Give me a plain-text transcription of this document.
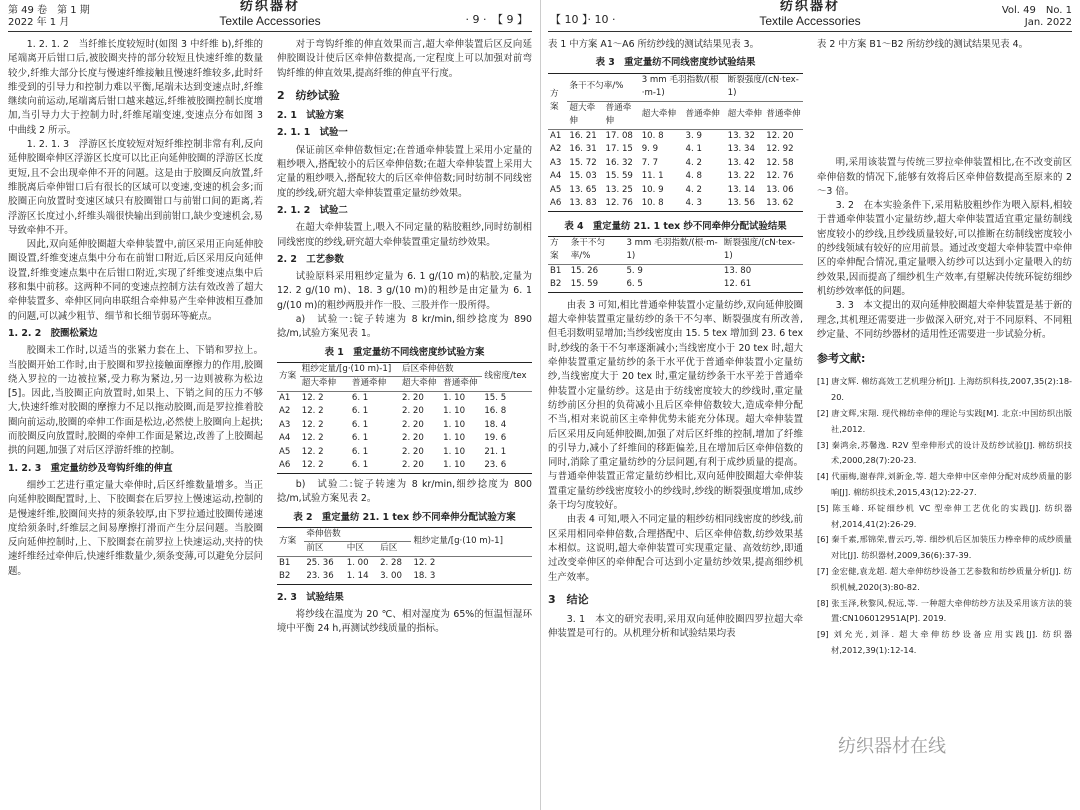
第 49 卷　第 1 期
2022 年 1 月
纺织器材
Textile Accessories	· 9 ·　【 9 】

1. 2. 1. 2　当纤维长度较短时(如图 3 中纤维 b),纤维的尾端离开后钳口后,被胶圈夹持的部分较短且快速纤维的数量较少,纤维大部分长度与慢速纤维接触且慢速纤维较多,此时纤维受到的引导力和控制力难以平衡,尾端未达到变速点时,纤维继续向前运动,尾端离后钳口越来越远,纤维被胶圈控制长度增加,当引导力大于控制力时,纤维尾端变速,变速点分布如图 3 中曲线 2 所示。

1. 2. 1. 3　浮游区长度较短对短纤维控制非常有利,反向延伸胶圈牵伸区浮游区长度可以比正向延伸胶圈的浮游区长度更短,且不会出现牵伸不开的问题。这是由于胶圈反向放置,纤维脱离后牵伸钳口后有很长的区域可以变速,变速的机会多;而胶圈正向放置时变速区域只有胶圈钳口与前钳口间的距离,若浮游区长度过小,纤维头端很快输出到前钳口,缺少变速机会,易导致牵伸不开。

因此,双向延伸胶圈超大牵伸装置中,前区采用正向延伸胶圈设置,纤维变速点集中分布在前钳口附近,后区采用反向延伸设置,纤维变速点集中在后钳口附近,实现了纤维变速点集中后移和集中前移。这两种不同的变速点控制方法有效改善了超大牵伸装置多、牵伸区同向串联组合牵伸易产生牵伸波相互叠加的问题,可以减少粗节、细节和长细节弱环等疵点。

1. 2. 2　胶圈松紧边

胶圈未工作时,以适当的张紧力套在上、下销和罗拉上。当胶圈开始工作时,由于胶圈和罗拉接触面摩擦力的作用,胶圈绕入罗拉的一边被拉紧,受力称为紧边,另一边则被称为松边[5]。因此,当胶圈正向放置时,如果上、下销之间的压力不够大,快速纤维对胶圈的摩擦力不足以拖动胶圈,而是罗拉推着胶圈向前运动,胶圈的牵伸工作面是松边,必然使上胶圈向上起拱;而胶圈反向放置时,胶圈的牵伸工作面是紧边,改善了上胶圈起拱的问题,加强了对后区浮游纤维的控制。

1. 2. 3　重定量纺纱及弯钩纤维的伸直

细纱工艺进行重定量大牵伸时,后区纤维数量增多。当正向延伸胶圈配置时,上、下胶圈套在后罗拉上慢速运动,控制的是慢速纤维,胶圈间夹持的须条较厚,由下罗拉通过胶圈传递速度给须条时,纤维层之间易摩擦打滑而产生分层问题。当胶圈反向延伸控制时,上、下胶圈套在前罗拉上快速运动,夹持的快速纤维经过牵伸后,快速纤维数量少,须条变薄,可以避免分层问题。

对于弯钩纤维的伸直效果而言,超大牵伸装置后区反向延伸胶圈设计使后区牵伸倍数提高,一定程度上可以加强对前弯钩纤维的伸直效果,提高纤维的伸直平行度。

2　纺纱试验

2. 1　试验方案

2. 1. 1　试验一

保证前区牵伸倍数恒定;在普通牵伸装置上采用小定量的粗纱喂入,搭配较小的后区牵伸倍数;在超大牵伸装置上采用大定量的粗纱喂入,搭配较大的后区牵伸倍数;同时纺制不同线密度的纱线,研究超大牵伸装置重定量纺纱效果。

2. 1. 2　试验二

在超大牵伸装置上,喂入不同定量的粘胶粗纱,同时纺制相同线密度的纱线,研究超大牵伸装置重定量纺纱效果。

2. 2　工艺参数

试验原料采用粗纱定量为 6. 1 g/(10 m)的粘胶,定量为 12. 2 g/(10 m)、18. 3 g/(10 m)的粗纱是由定量为 6. 1 g/(10 m)的粗纱两股并作一股、三股并作一股所得。

a)　试验一:锭子转速为 8 kr/min,细纱捻度为 890 捻/m,试验方案见表 1。

表 1　重定量纺不同线密度纱试验方案

方案	粗纱定量/[g·(10 m)-1]		后区牵伸倍数		线密度/tex
	超大牵伸	普通牵伸	超大牵伸	普通牵伸	
A1	12. 2	6. 1	2. 20	1. 10	15. 5
A2	12. 2	6. 1	2. 20	1. 10	16. 8
A3	12. 2	6. 1	2. 20	1. 10	18. 4
A4	12. 2	6. 1	2. 20	1. 10	19. 6
A5	12. 2	6. 1	2. 20	1. 10	21. 1
A6	12. 2	6. 1	2. 20	1. 10	23. 6

b)　试验二:锭子转速为 8 kr/min,细纱捻度为 800 捻/m,试验方案见表 2。

表 2　重定量纺 21. 1 tex 纱不同牵伸分配试验方案

方案	牵伸倍数			粗纱定量/[g·(10 m)-1]
	前区	中区	后区	
B1	25. 36	1. 00	2. 28	12. 2
B2	23. 36	1. 14	3. 00	18. 3

2. 3　试验结果

将纱线在温度为 20 ℃、相对湿度为 65%的恒温恒湿环境中平衡 24 h,再测试纱线质量的指标。

【 10 】· 10 ·
纺织器材
Textile Accessories
Vol. 49　No. 1
Jan. 2022

表 1 中方案 A1～A6 所纺纱线的测试结果见表 3。

表 3　重定量纺不同线密度纱试验结果

方案	条干不匀率/%		3 mm 毛羽指数/(根·m-1)		断裂强度/(cN·tex-1)	
	超大牵伸	普通牵伸	超大牵伸	普通牵伸	超大牵伸	普通牵伸
A1	16. 21	17. 08	10. 8	3. 9	13. 32	12. 20
A2	16. 31	17. 15	9. 9	4. 1	13. 34	12. 92
A3	15. 72	16. 32	7. 7	4. 2	13. 42	12. 58
A4	15. 03	15. 59	11. 1	4. 8	13. 22	12. 76
A5	13. 65	13. 25	10. 9	4. 2	13. 14	13. 06
A6	13. 83	12. 76	10. 8	4. 3	13. 56	13. 62

表 4　重定量纺 21. 1 tex 纱不同牵伸分配试验结果

方案	条干不匀率/%	3 mm 毛羽指数/(根·m-1)	断裂强度/(cN·tex-1)
B1	15. 26	5. 9	13. 80
B2	15. 59	6. 5	12. 61

由表 3 可知,相比普通牵伸装置小定量纺纱,双向延伸胶圈超大牵伸装置重定量纺纱的条干不匀率、断裂强度有所改善,但毛羽数明显增加;当纱线密度由 15. 5 tex 增加到 23. 6 tex 时,纱线的条干不匀率逐渐减小;当线密度小于 20 tex 时,超大牵伸装置重定量纺纱的条干水平优于普通牵伸装置小定量纺纱,当线密度大于 20 tex 时,重定量纺纱条干水平差于普通牵伸装置小定量纺纱。这是由于纺线密度较大的纱线时,重定量纺纱前区分担的负荷减小且后区牵伸倍数较大,造成牵伸分配不当,相对来说前区主牵伸优势未能充分体现。超大牵伸装置后区采用反向延伸胶圈,加强了对后区纤维的控制,增加了纤维的引导力,减小了纤维间的移距偏差,且在增加后区牵伸倍数的同时,消除了重定量纺纱的分层问题,有利于成纱质量的提高。与普通牵伸装置正常定量纺纱相比,双向延伸胶圈超大牵伸装置重定量纺纱线密度较小的纱线时,纱线的断裂强度增加,成纱条干均匀度较好。

由表 4 可知,喂入不同定量的粗纱纺相同线密度的纱线,前区采用相同牵伸倍数,合理搭配中、后区牵伸倍数,纺纱效果基本相似。这说明,超大牵伸装置可实现重定量、高效纺纱,即通过改变牵伸区的牵伸配合可达到小定量纺纱效果,提高细纱机生产效率。

3　结论

3. 1　本文的研究表明,采用双向延伸胶圈四罗拉超大牵伸装置是可行的。从机理分析和试验结果均表

表 2 中方案 B1～B2 所纺纱线的测试结果见表 4。

明,采用该装置与传统三罗拉牵伸装置相比,在不改变前区牵伸倍数的情况下,能够有效将后区牵伸倍数提高至原来的 2～3 倍。

3. 2　在本实验条件下,采用粘胶粗纱作为喂入原料,相较于普通牵伸装置小定量纺纱,超大牵伸装置适宜重定量纺制线密度较小的纱线,且纱线质量较好,可以推断在纺制线密度较小的纱线领域有较好的应用前景。通过改变超大牵伸装置中牵伸区的牵伸配合情况,重定量喂入纺纱可以达到小定量喂入的纺纱效果,因而提高了细纱机生产效率,有望解决传统环锭纺细纱机纺纱效率低的问题。

3. 3　本文提出的双向延伸胶圈超大牵伸装置是基于新的理念,其机理还需要进一步做深入研究,对于不同原料、不同粗纱定量、不同纺纱器材的适用性还需要进一步试验分析。

参考文献:

[1] 唐文辉. 棉纺高效工艺机理分析[J]. 上海纺织科技,2007,35(2):18-20.

[2] 唐文辉,宋翔. 现代棉纺牵伸的理论与实践[M]. 北京:中国纺织出版社,2012.

[3] 秦鸿余,苏馨逸. R2V 型牵伸形式的设计及纺纱试验[J]. 棉纺织技术,2000,28(7):20-23.

[4] 代丽梅,谢春萍,刘新金,等. 超大牵伸中区牵伸分配对成纱质量的影响[J]. 棉纺织技术,2015,43(12):22-27.

[5] 陈玉峰. 环锭细纱机 VC 型牵伸工艺优化的实践[J]. 纺织器材,2014,41(2):26-29.

[6] 秦千素,邢锦荣,曹云巧,等. 细纱机后区加装压力棒牵伸的成纱质量对比[J]. 纺织器材,2009,36(6):37-39.

[7] 金宏健,袁龙超. 超大牵伸纺纱设备工艺参数和纺纱质量分析[J]. 纺织机械,2020(3):80-82.

[8] 张玉泽,秋黎风,倪远,等. 一种超大牵伸纺纱方法及采用该方法的装置:CN106012951A[P]. 2019.

[9] 刘允光,刘泽. 超大牵伸纺纱设备应用实践[J]. 纺织器材,2012,39(1):12-14.

纺织器材在线
